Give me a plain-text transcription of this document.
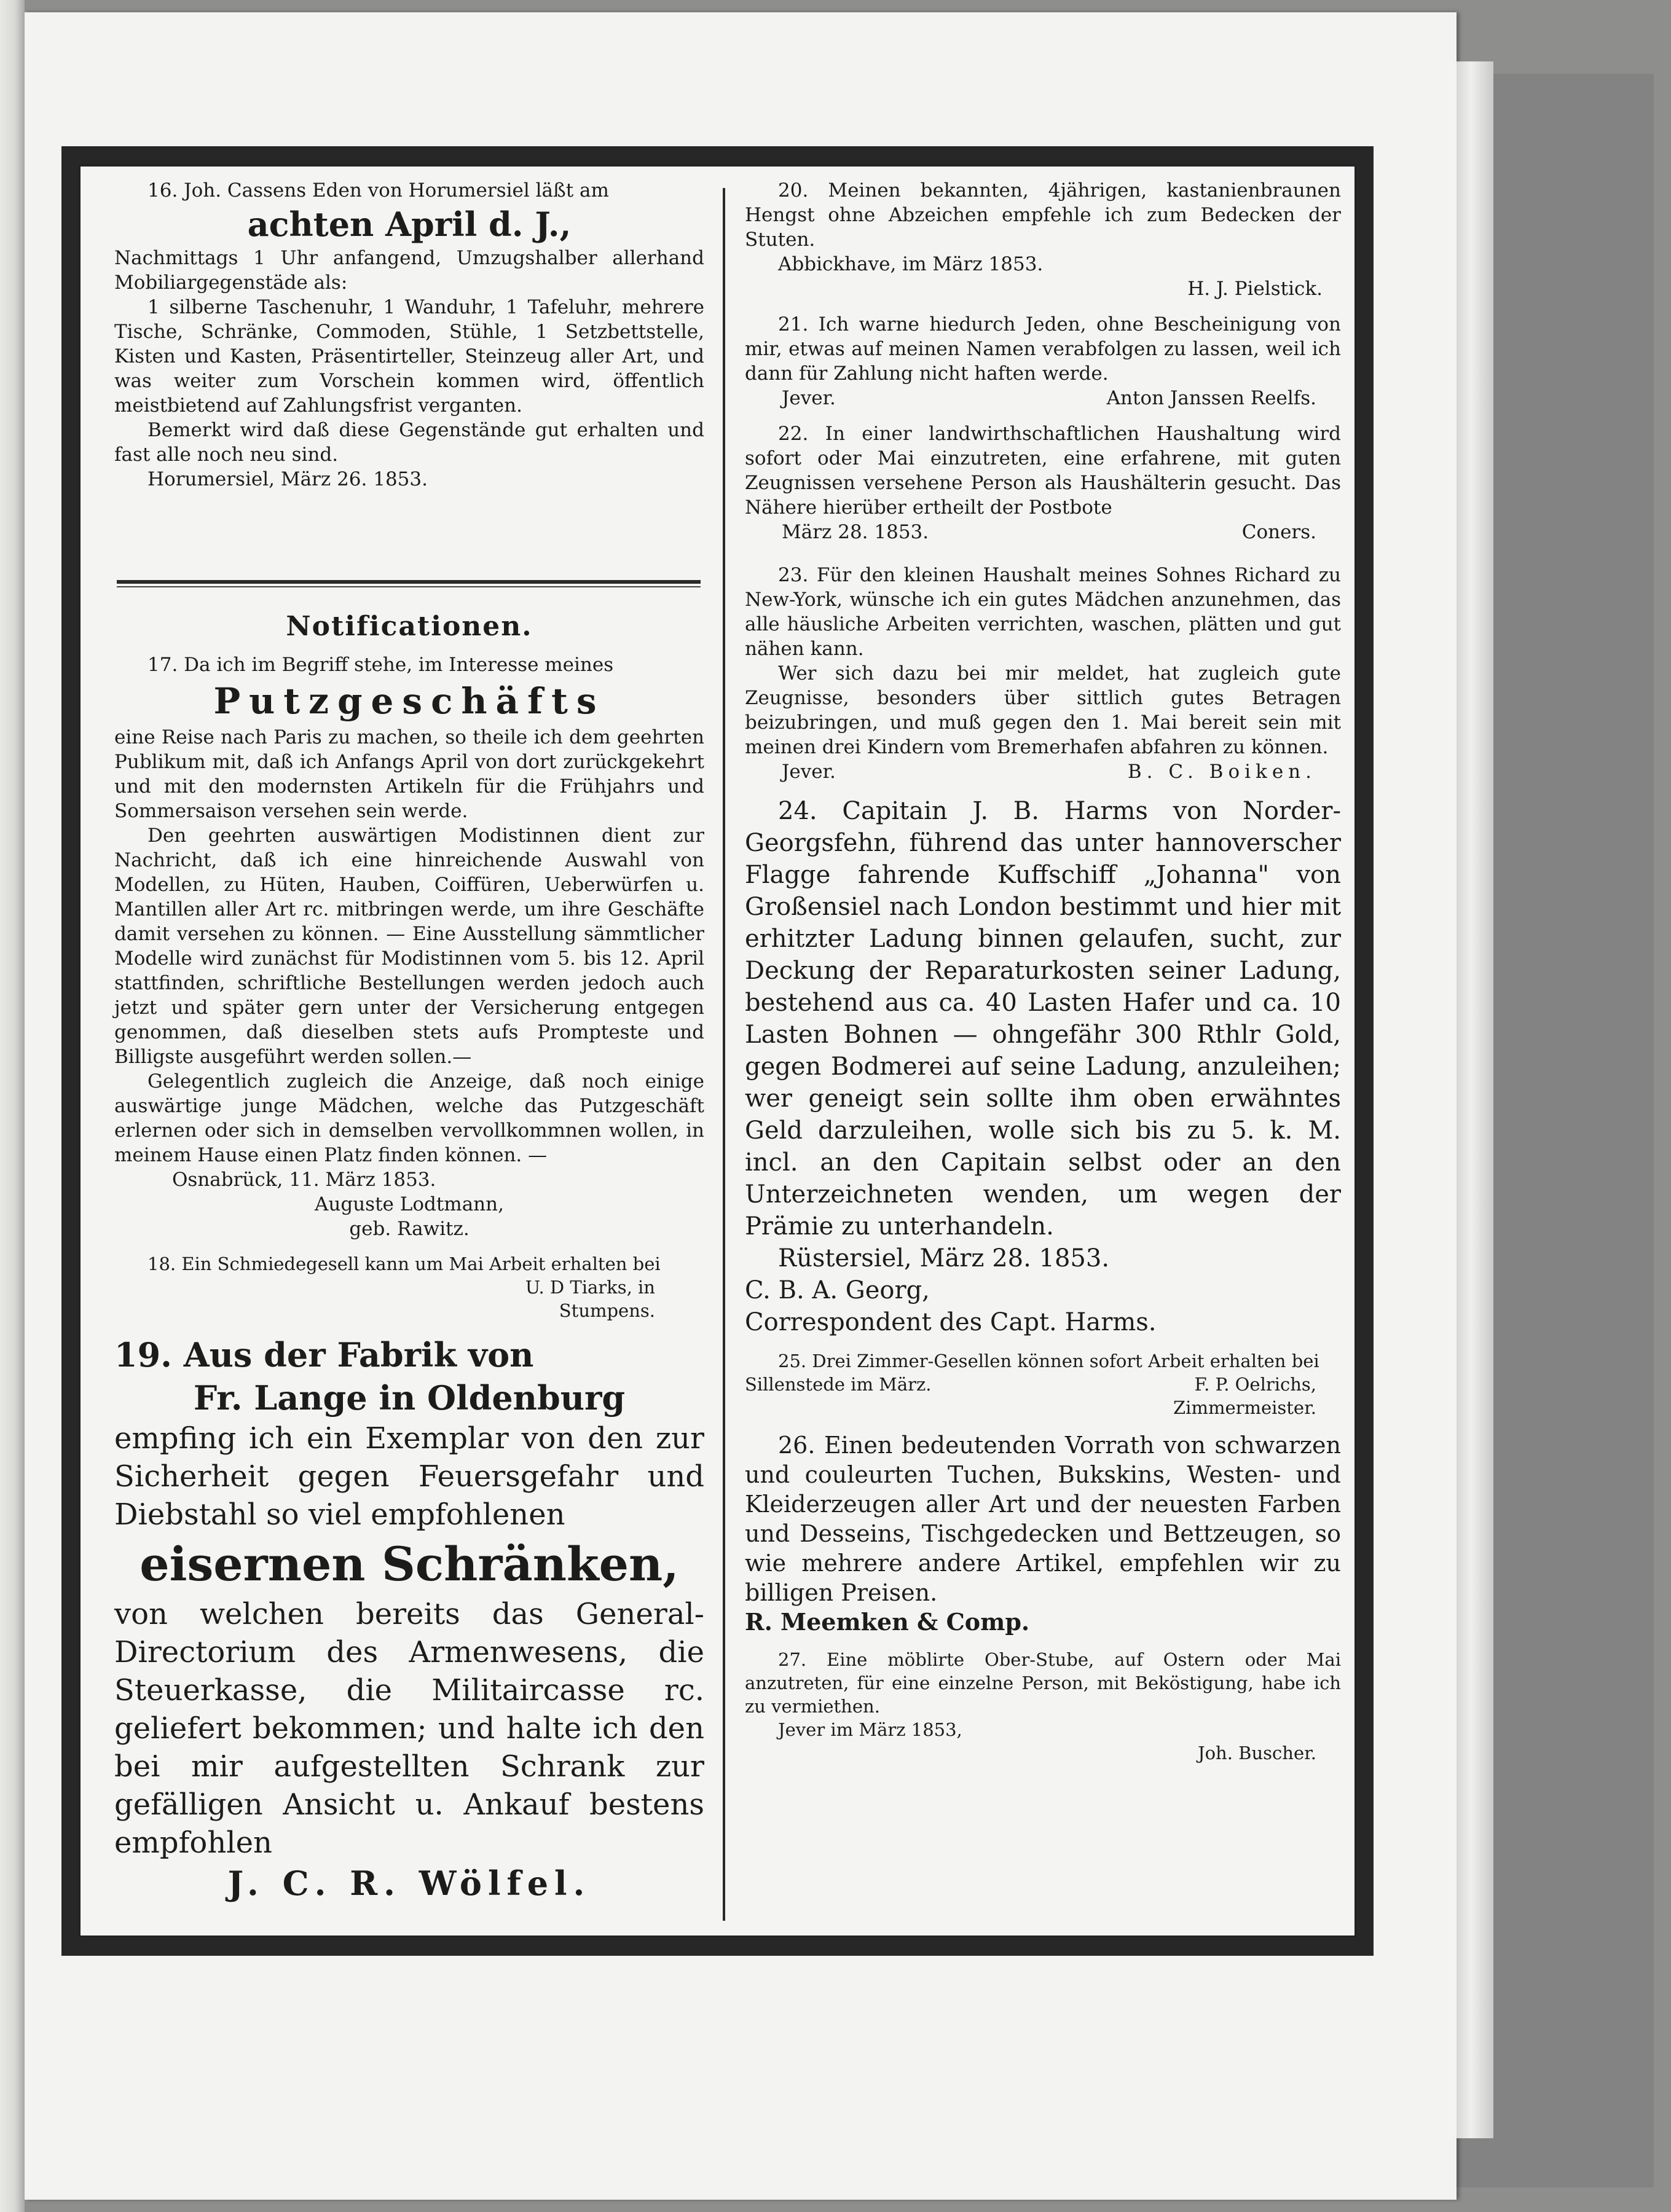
16. Joh. Cassens Eden von Horumersiel läßt am

achten April d. J.,

Nachmittags 1 Uhr anfangend, Umzugshalber allerhand Mobiliargegenstäde als:

1 silberne Taschenuhr, 1 Wanduhr, 1 Tafeluhr, mehrere Tische, Schränke, Commoden, Stühle, 1 Setzbettstelle, Kisten und Kasten, Präsentirteller, Steinzeug aller Art, und was weiter zum Vorschein kommen wird, öffentlich meistbietend auf Zahlungsfrist verganten.

Bemerkt wird daß diese Gegenstände gut erhalten und fast alle noch neu sind.

Horumersiel, März 26. 1853.

Notificationen.

17. Da ich im Begriff stehe, im Interesse meines

Putzgeschäfts

eine Reise nach Paris zu machen, so theile ich dem geehrten Publikum mit, daß ich Anfangs April von dort zurückgekehrt und mit den modernsten Artikeln für die Frühjahrs und Sommersaison versehen sein werde.

Den geehrten auswärtigen Modistinnen dient zur Nachricht, daß ich eine hinreichende Auswahl von Modellen, zu Hüten, Hauben, Coiffüren, Ueberwürfen u. Mantillen aller Art rc. mitbringen werde, um ihre Geschäfte damit versehen zu können. — Eine Ausstellung sämmtlicher Modelle wird zunächst für Modistinnen vom 5. bis 12. April stattfinden, schriftliche Bestellungen werden jedoch auch jetzt und später gern unter der Versicherung entgegen genommen, daß dieselben stets aufs Prompteste und Billigste ausgeführt werden sollen.—

Gelegentlich zugleich die Anzeige, daß noch einige auswärtige junge Mädchen, welche das Putzgeschäft erlernen oder sich in demselben vervollkommnen wollen, in meinem Hause einen Platz finden können. —

Osnabrück, 11. März 1853.

Auguste Lodtmann,

geb. Rawitz.

18. Ein Schmiedegesell kann um Mai Arbeit erhalten bei

U. D Tiarks, in

Stumpens.

19. Aus der Fabrik von
Fr. Lange in Oldenburg

empfing ich ein Exemplar von den zur Sicherheit gegen Feuersgefahr und Diebstahl so viel empfohlenen

eisernen Schränken,

von welchen bereits das General-Directorium des Armenwesens, die Steuerkasse, die Militaircasse rc. geliefert bekommen; und halte ich den bei mir aufgestellten Schrank zur gefälligen Ansicht u. Ankauf bestens empfohlen

J. C. R. Wölfel.

20. Meinen bekannten, 4jährigen, kastanienbraunen Hengst ohne Abzeichen empfehle ich zum Bedecken der Stuten.

Abbickhave, im März 1853.

H. J. Pielstick.

21. Ich warne hiedurch Jeden, ohne Bescheinigung von mir, etwas auf meinen Namen verabfolgen zu lassen, weil ich dann für Zahlung nicht haften werde.

Jever.	Anton Janssen Reelfs.

22. In einer landwirthschaftlichen Haushaltung wird sofort oder Mai einzutreten, eine erfahrene, mit guten Zeugnissen versehene Person als Haushälterin gesucht. Das Nähere hierüber ertheilt der Postbote

März 28. 1853.	Coners.

23. Für den kleinen Haushalt meines Sohnes Richard zu New-York, wünsche ich ein gutes Mädchen anzunehmen, das alle häusliche Arbeiten verrichten, waschen, plätten und gut nähen kann.

Wer sich dazu bei mir meldet, hat zugleich gute Zeugnisse, besonders über sittlich gutes Betragen beizubringen, und muß gegen den 1. Mai bereit sein mit meinen drei Kindern vom Bremerhafen abfahren zu können.

Jever.	B. C. Boiken.

24. Capitain J. B. Harms von Norder-Georgsfehn, führend das unter hannoverscher Flagge fahrende Kuffschiff „Johanna" von Großensiel nach London bestimmt und hier mit erhitzter Ladung binnen gelaufen, sucht, zur Deckung der Reparaturkosten seiner Ladung, bestehend aus ca. 40 Lasten Hafer und ca. 10 Lasten Bohnen — ohngefähr 300 Rthlr Gold, gegen Bodmerei auf seine Ladung, anzuleihen; wer geneigt sein sollte ihm oben erwähntes Geld darzuleihen, wolle sich bis zu 5. k. M. incl. an den Capitain selbst oder an den Unterzeichneten wenden, um wegen der Prämie zu unterhandeln.

Rüstersiel, März 28. 1853.

C. B. A. Georg,

Correspondent des Capt. Harms.

25. Drei Zimmer-Gesellen können sofort Arbeit erhalten bei

Sillenstede im März.	F. P. Oelrichs,

Zimmermeister.

26. Einen bedeutenden Vorrath von schwarzen und couleurten Tuchen, Bukskins, Westen- und Kleiderzeugen aller Art und der neuesten Farben und Desseins, Tischgedecken und Bettzeugen, so wie mehrere andere Artikel, empfehlen wir zu billigen Preisen.

R. Meemken & Comp.

27. Eine möblirte Ober-Stube, auf Ostern oder Mai anzutreten, für eine einzelne Person, mit Beköstigung, habe ich zu vermiethen.

Jever im März 1853,

Joh. Buscher.
